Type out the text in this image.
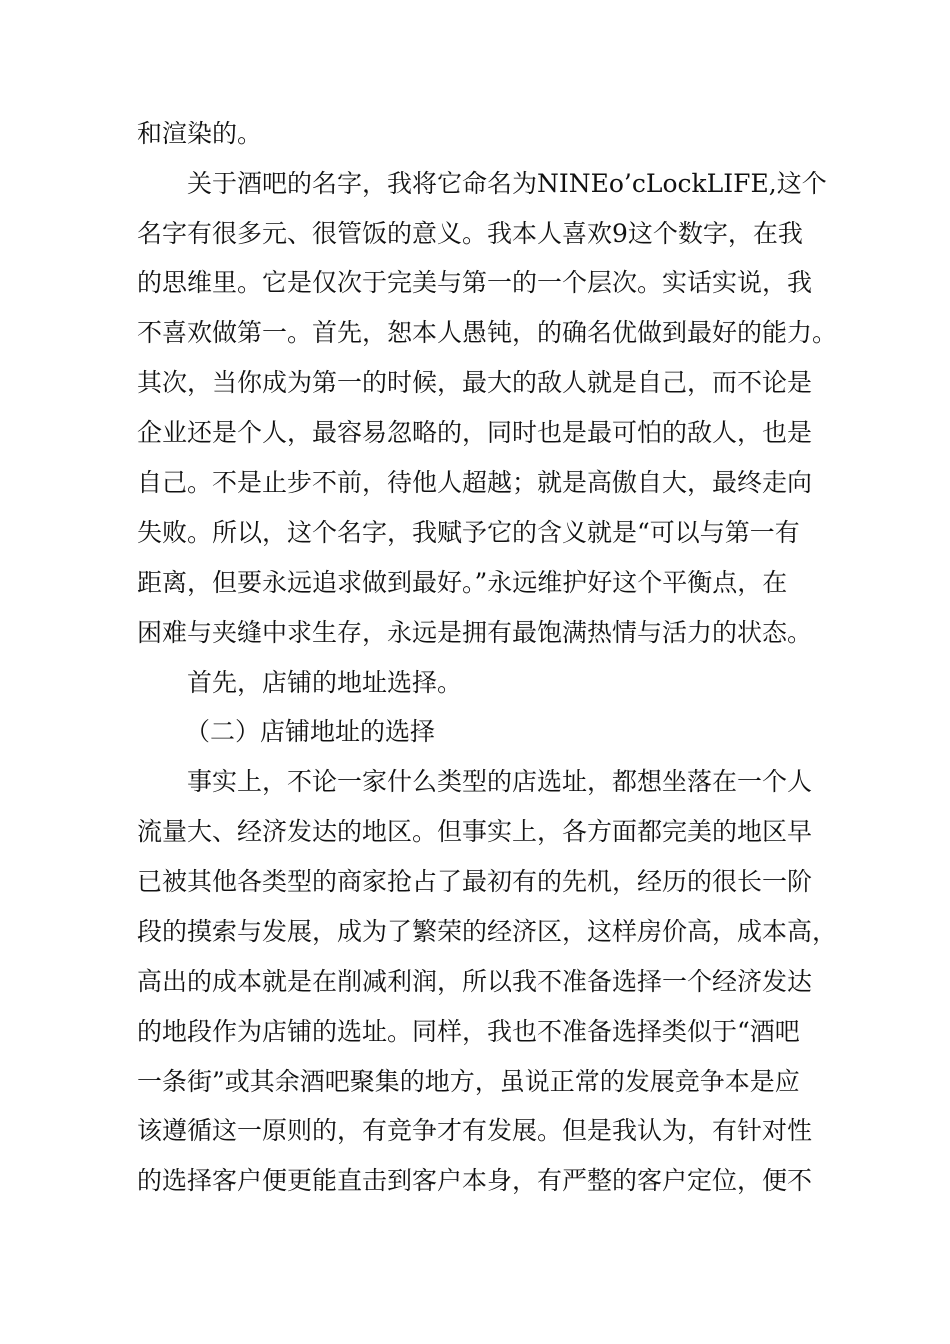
和渲染的。
关于酒吧的名字，我将它命名为NINEo’cLockLIFE,这个
名字有很多元、很管饭的意义。我本人喜欢9这个数字，在我
的思维里。它是仅次于完美与第一的一个层次。实话实说，我
不喜欢做第一。首先，恕本人愚钝，的确名优做到最好的能力。
其次，当你成为第一的时候，最大的敌人就是自己，而不论是
企业还是个人，最容易忽略的，同时也是最可怕的敌人，也是
自己。不是止步不前，待他人超越；就是高傲自大，最终走向
失败。所以，这个名字，我赋予它的含义就是“可以与第一有
距离，但要永远追求做到最好。”永远维护好这个平衡点，在
困难与夹缝中求生存，永远是拥有最饱满热情与活力的状态。
首先，店铺的地址选择。
（二）店铺地址的选择
事实上，不论一家什么类型的店选址，都想坐落在一个人
流量大、经济发达的地区。但事实上，各方面都完美的地区早
已被其他各类型的商家抢占了最初有的先机，经历的很长一阶
段的摸索与发展，成为了繁荣的经济区，这样房价高，成本高，
高出的成本就是在削减利润，所以我不准备选择一个经济发达
的地段作为店铺的选址。同样，我也不准备选择类似于“酒吧
一条街”或其余酒吧聚集的地方，虽说正常的发展竞争本是应
该遵循这一原则的，有竞争才有发展。但是我认为，有针对性
的选择客户便更能直击到客户本身，有严整的客户定位，便不
